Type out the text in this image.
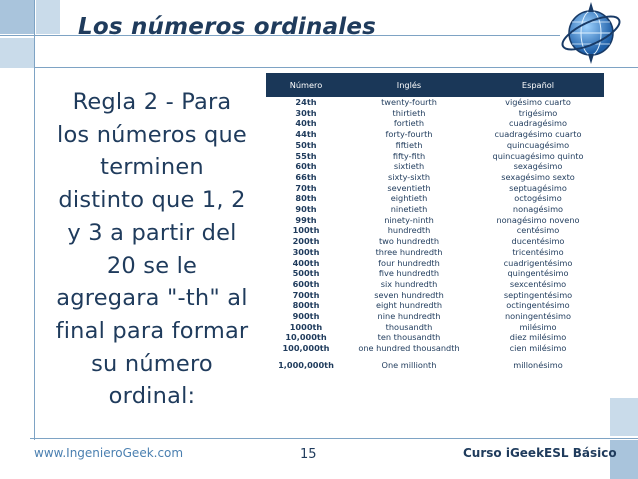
Los números ordinales
Regla 2 - Para los números que terminen distinto que 1, 2 y 3 a partir del 20 se le agregara "-th" al final para formar su número ordinal:
Número	Inglés	Español
24th	twenty-fourth	vigésimo cuarto
30th	thirtieth	trigésimo
40th	fortieth	cuadragésimo
44th	forty-fourth	cuadragésimo cuarto
50th	fiftieth	quincuagésimo
55th	fifty-fith	quincuagésimo quinto
60th	sixtieth	sexagésimo
66th	sixty-sixth	sexagésimo sexto
70th	seventieth	septuagésimo
80th	eightieth	octogésimo
90th	ninetieth	nonagésimo
99th	ninety-ninth	nonagésimo noveno
100th	hundredth	centésimo
200th	two hundredth	ducentésimo
300th	three hundredth	tricentésimo
400th	four hundredth	cuadrigentésimo
500th	five hundredth	quingentésimo
600th	six hundredth	sexcentésimo
700th	seven hundredth	septingentésimo
800th	eight hundredth	octingentésimo
900th	nine hundredth	noningentésimo
1000th	thousandth	milésimo
10,000th	ten thousandth	diez milésimo
100,000th	one hundred thousandth	cien milésimo
1,000,000th	One millionth	millonésimo
www.IngenieroGeek.com	15	Curso iGeekESL Básico
